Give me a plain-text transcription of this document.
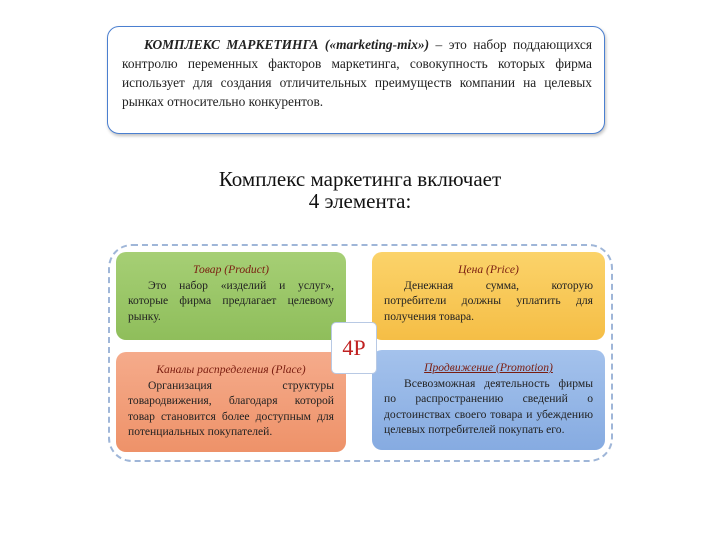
КОМПЛЕКС МАРКЕТИНГА («marketing-mix») – это набор поддающихся контролю переменных факторов маркетинга, совокупность которых фирма использует для создания отличительных преимуществ компании на целевых рынках относительно конкурентов.
Комплекс маркетинга включает
4 элемента:
Товар (Product)
Это набор «изделий и услуг», которые фирма предлагает целевому рынку.
Цена (Price)
Денежная сумма, которую потребители должны уплатить для получения товара.
Каналы распределения (Place)
Организация структуры товародвижения, благодаря которой товар становится более доступным для потенциальных покупателей.
Продвижение (Promotion)
Всевозможная деятельность фирмы по распространению сведений о достоинствах своего товара и убеждению целевых потребителей покупать его.
4P
